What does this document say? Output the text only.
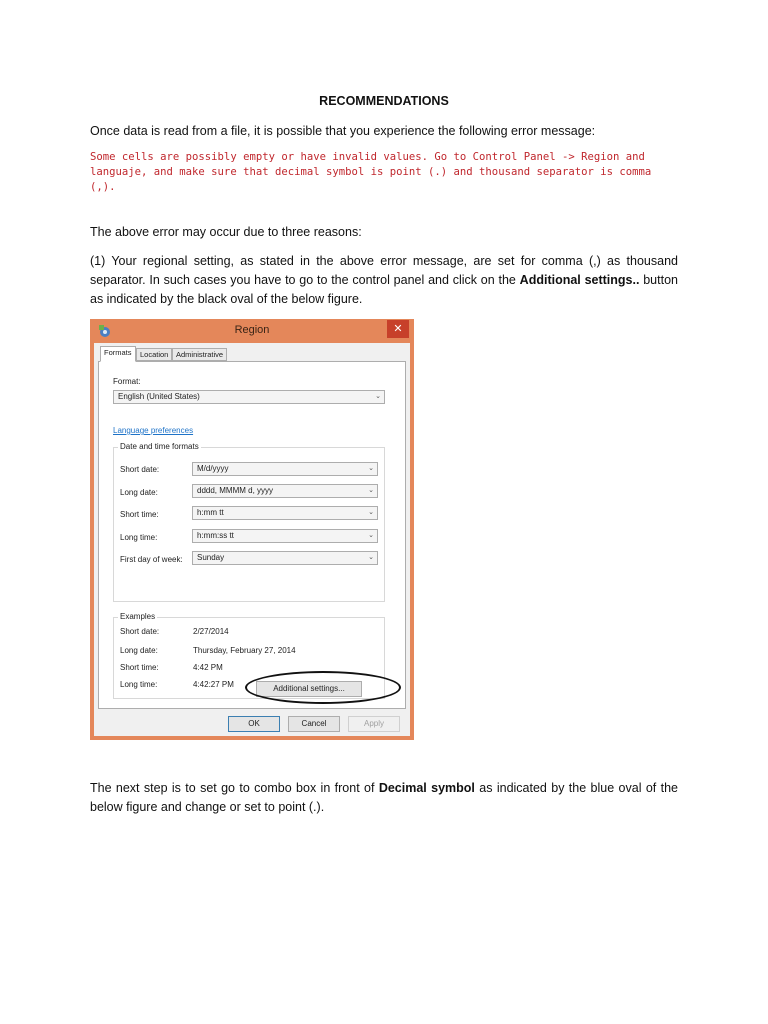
RECOMMENDATIONS
Once data is read from a file, it is possible that you experience the following error message:
Some cells are possibly empty or have invalid values. Go to Control Panel -> Region and languaje, and make sure that decimal symbol is point (.) and thousand separator is comma (,).
The above error may occur due to three reasons:
(1) Your regional setting, as stated in the above error message, are set for comma (,) as thousand separator. In such cases you have to go to the control panel and click on the Additional settings.. button as indicated by the black oval of the below figure.
Region	✕
Formats	Location	Administrative
Format:
English (United States)	⌄
Language preferences
Date and time formats
Short date:	M/d/yyyy	⌄
Long date:	dddd, MMMM d, yyyy	⌄
Short time:	h:mm tt	⌄
Long time:	h:mm:ss tt	⌄
First day of week:	Sunday	⌄
Examples
Short date:	2/27/2014
Long date:	Thursday, February 27, 2014
Short time:	4:42 PM
Long time:	4:42:27 PM	Additional settings...
OK	Cancel	Apply
The next step is to set go to combo box in front of Decimal symbol as indicated by the blue oval of the below figure and change or set to point (.).
